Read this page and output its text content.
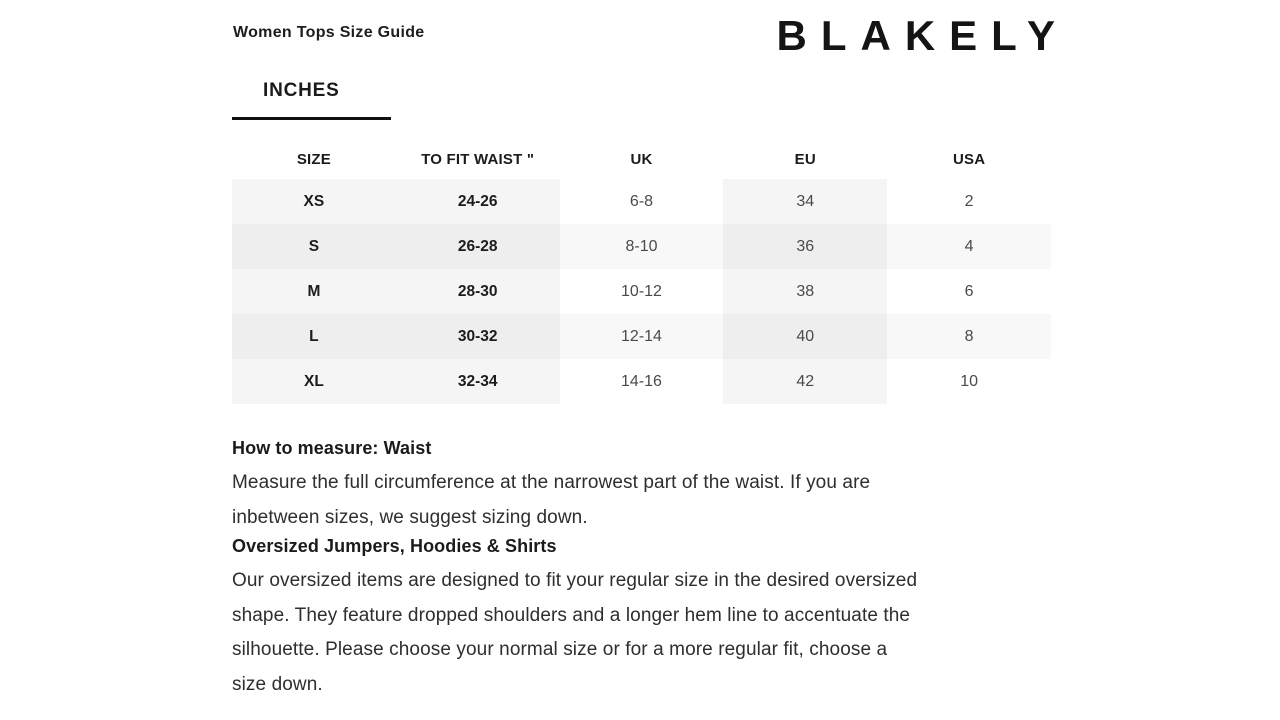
Women Tops Size Guide	BLAKELY
INCHES
SIZE	TO FIT WAIST "	UK	EU	USA
XS	24-26	6-8	34	2
S	26-28	8-10	36	4
M	28-30	10-12	38	6
L	30-32	12-14	40	8
XL	32-34	14-16	42	10
How to measure: Waist
Measure the full circumference at the narrowest part of the waist. If you are
inbetween sizes, we suggest sizing down.
Oversized Jumpers, Hoodies & Shirts
Our oversized items are designed to fit your regular size in the desired oversized
shape. They feature dropped shoulders and a longer hem line to accentuate the
silhouette. Please choose your normal size or for a more regular fit, choose a
size down.
